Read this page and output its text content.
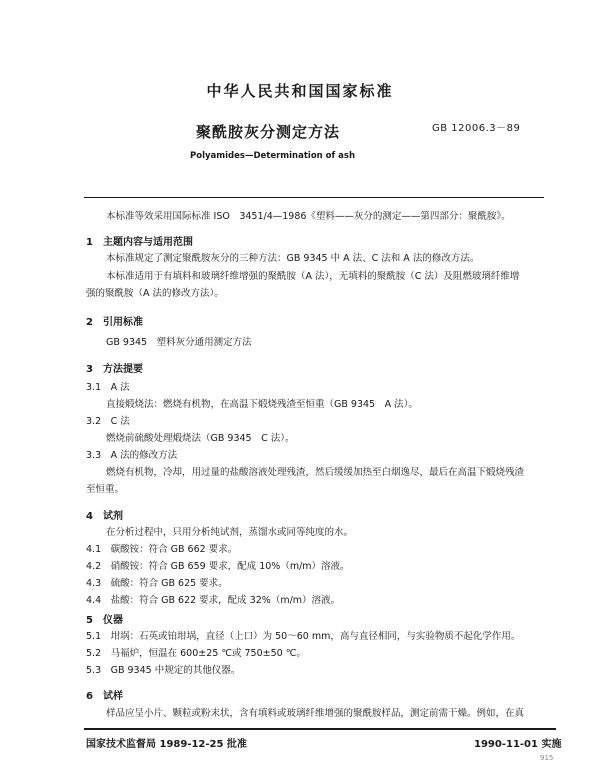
中华人民共和国国家标准
聚酰胺灰分测定方法	GB 12006.3－89
Polyamides—Determination of ash
本标准等效采用国际标准 ISO　3451/4—1986《塑料——灰分的测定——第四部分：聚酰胺》。
1　主题内容与适用范围
本标准规定了测定聚酰胺灰分的三种方法：GB 9345 中 A 法、C 法和 A 法的修改方法。
本标准适用于有填料和玻璃纤维增强的聚酰胺（A 法），无填料的聚酰胺（C 法）及阻燃玻璃纤维增
强的聚酰胺（A 法的修改方法）。
2　引用标准
GB 9345　塑料灰分通用测定方法
3　方法提要
3.1　A 法
直接煅烧法：燃烧有机物，在高温下煅烧残渣至恒重（GB 9345　A 法）。
3.2　C 法
燃烧前硫酸处理煅烧法（GB 9345　C 法）。
3.3　A 法的修改方法
燃烧有机物，冷却，用过量的盐酸溶液处理残渣，然后缓缓加热至白烟逸尽，最后在高温下煅烧残渣
至恒重。
4　试剂
在分析过程中，只用分析纯试剂，蒸馏水或同等纯度的水。
4.1　碳酸铵：符合 GB 662 要求。
4.2　硝酸铵：符合 GB 659 要求，配成 10%（m/m）溶液。
4.3　硫酸：符合 GB 625 要求。
4.4　盐酸：符合 GB 622 要求，配成 32%（m/m）溶液。
5　仪器
5.1　坩埚：石英或铂坩埚，直径（上口）为 50～60 mm，高与直径相同，与实验物质不起化学作用。
5.2　马福炉，恒温在 600±25 ℃或 750±50 ℃。
5.3　GB 9345 中规定的其他仪器。
6　试样
样品应呈小片、颗粒或粉末状，含有填料或玻璃纤维增强的聚酰胺样品，测定前需干燥。例如，在真
国家技术监督局 1989-12-25 批准	1990-11-01 实施
915
